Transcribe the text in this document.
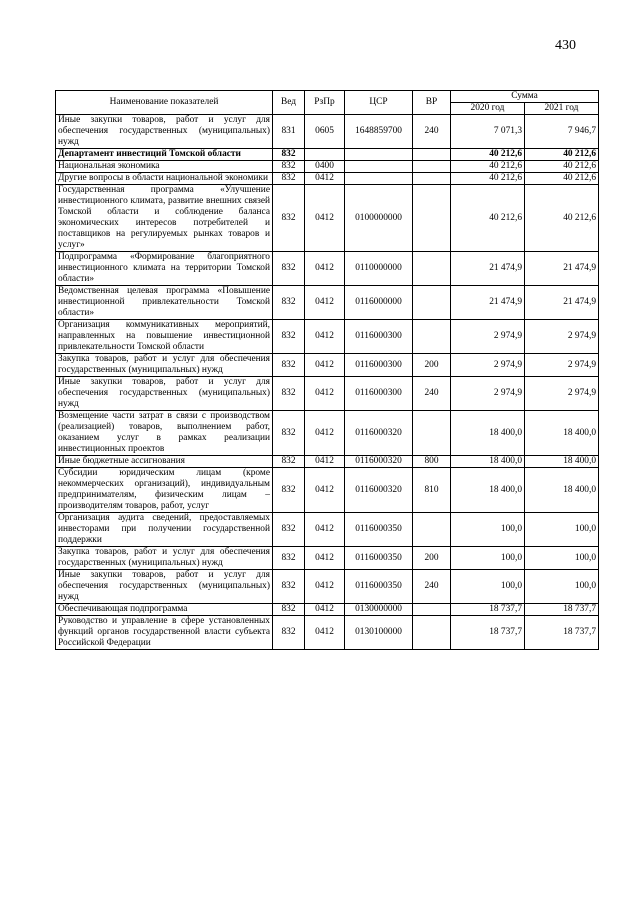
430
Наименование показателей	Вед	РзПр	ЦСР	ВР	Сумма	
					2020 год	2021 год
Иные закупки товаров, работ и услуг для обеспечения государственных (муниципальных) нужд	831	0605	1648859700	240	7 071,3	7 946,7
Департамент инвестиций Томской области	832				40 212,6	40 212,6
Национальная экономика	832	0400			40 212,6	40 212,6
Другие вопросы в области национальной экономики	832	0412			40 212,6	40 212,6
Государственная программа «Улучшение инвестиционного климата, развитие внешних связей Томской области и соблюдение баланса экономических интересов потребителей и поставщиков на регулируемых рынках товаров и услуг»	832	0412	0100000000		40 212,6	40 212,6
Подпрограмма «Формирование благоприятного инвестиционного климата на территории Томской области»	832	0412	0110000000		21 474,9	21 474,9
Ведомственная целевая программа «Повышение инвестиционной привлекательности Томской области»	832	0412	0116000000		21 474,9	21 474,9
Организация коммуникативных мероприятий, направленных на повышение инвестиционной привлекательности Томской области	832	0412	0116000300		2 974,9	2 974,9
Закупка товаров, работ и услуг для обеспечения государственных (муниципальных) нужд	832	0412	0116000300	200	2 974,9	2 974,9
Иные закупки товаров, работ и услуг для обеспечения государственных (муниципальных) нужд	832	0412	0116000300	240	2 974,9	2 974,9
Возмещение части затрат в связи с производством (реализацией) товаров, выполнением работ, оказанием услуг в рамках реализации инвестиционных проектов	832	0412	0116000320		18 400,0	18 400,0
Иные бюджетные ассигнования	832	0412	0116000320	800	18 400,0	18 400,0
Субсидии юридическим лицам (кроме некоммерческих организаций), индивидуальным предпринимателям, физическим лицам – производителям товаров, работ, услуг	832	0412	0116000320	810	18 400,0	18 400,0
Организация аудита сведений, предоставляемых инвесторами при получении государственной поддержки	832	0412	0116000350		100,0	100,0
Закупка товаров, работ и услуг для обеспечения государственных (муниципальных) нужд	832	0412	0116000350	200	100,0	100,0
Иные закупки товаров, работ и услуг для обеспечения государственных (муниципальных) нужд	832	0412	0116000350	240	100,0	100,0
Обеспечивающая подпрограмма	832	0412	0130000000		18 737,7	18 737,7
Руководство и управление в сфере установленных функций органов государственной власти субъекта Российской Федерации	832	0412	0130100000		18 737,7	18 737,7
